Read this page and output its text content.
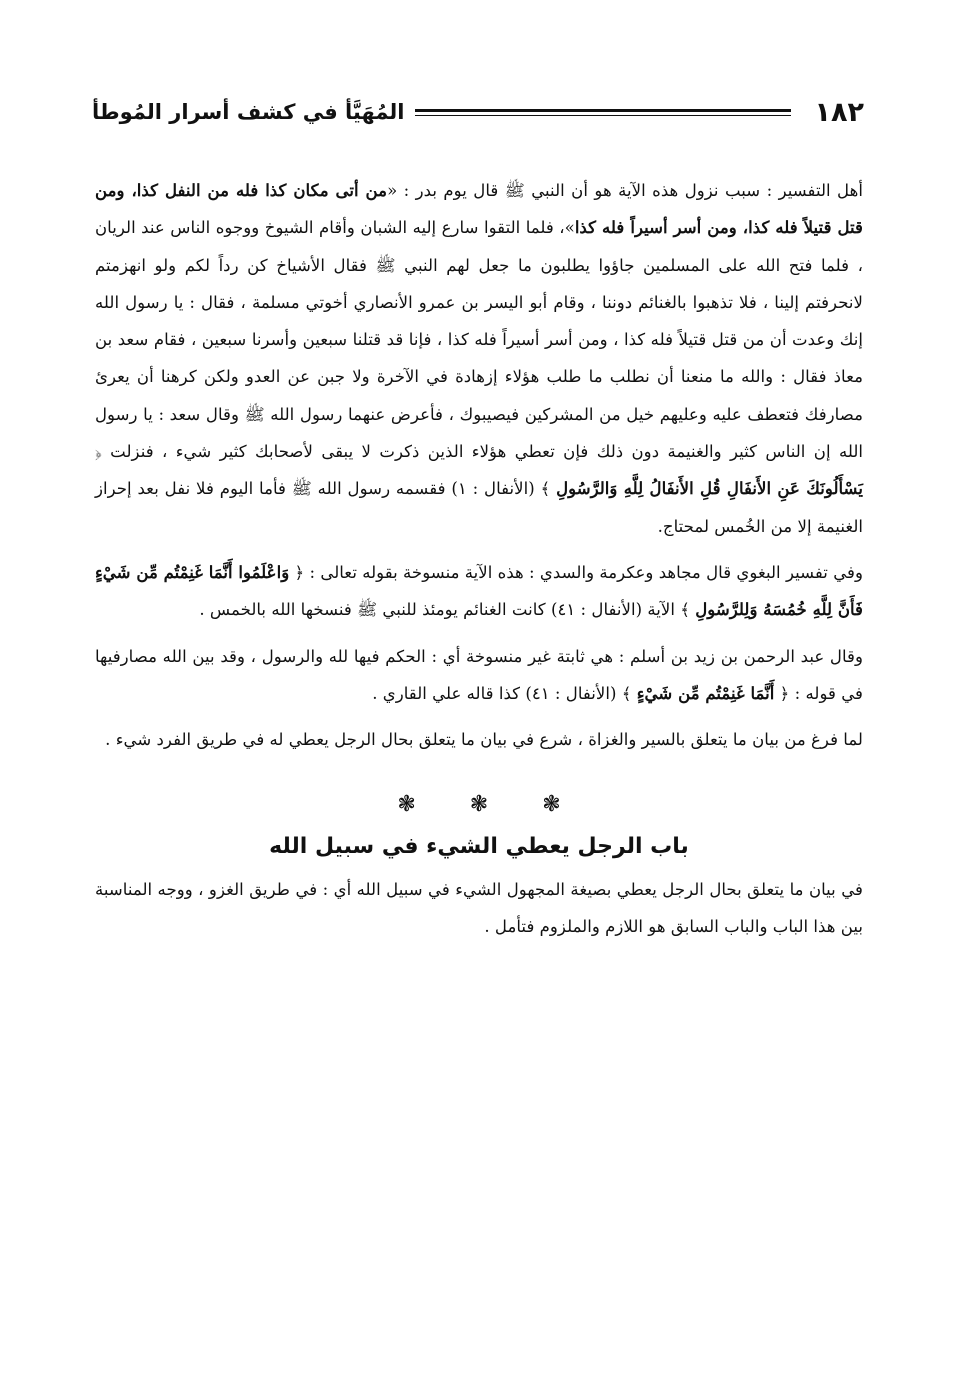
١٨٢
المُهَيَّأ في كشف أسرار المُوطأ

أهل التفسير : سبب نزول هذه الآية هو أن النبي ﷺ قال يوم بدر : «من أتى مكان كذا فله من النفل كذا، ومن قتل قتيلاً فله كذا، ومن أسر أسيراً فله كذا»، فلما التقوا سارع إليه الشبان وأقام الشيوخ ووجوه الناس عند الريان ، فلما فتح الله على المسلمين جاؤوا يطلبون ما جعل لهم النبي ﷺ فقال الأشياخ كن رداً لكم ولو انهزمتم لانحرفتم إلينا ، فلا تذهبوا بالغنائم دوننا ، وقام أبو اليسر بن عمرو الأنصاري أخوتي مسلمة ، فقال : يا رسول الله إنك وعدت أن من قتل قتيلاً فله كذا ، ومن أسر أسيراً فله كذا ، فإنا قد قتلنا سبعين وأسرنا سبعين ، فقام سعد بن معاذ فقال : والله ما منعنا أن نطلب ما طلب هؤلاء إزهادة في الآخرة ولا جبن عن العدو ولكن كرهنا أن يعرئ مصارفك فتعطف عليه وعليهم خيل من المشركين فيصيبوك ، فأعرض عنهما رسول الله ﷺ وقال سعد : يا رسول الله إن الناس كثير والغنيمة دون ذلك فإن تعطي هؤلاء الذين ذكرت لا يبقى لأصحابك كثير شيء ، فنزلت ﴿ يَسْأَلُونَكَ عَنِ الأَنفَالِ قُلِ الأَنفَالُ لِلَّهِ وَالرَّسُولِ ﴾ (الأنفال : ١) فقسمه رسول الله ﷺ فأما اليوم فلا نفل بعد إحراز الغنيمة إلا من الخُمس لمحتاج.

وفي تفسير البغوي قال مجاهد وعكرمة والسدي : هذه الآية منسوخة بقوله تعالى : ﴿ وَاعْلَمُوا أَنَّمَا غَنِمْتُم مِّن شَيْءٍ فَأَنَّ لِلَّهِ خُمُسَهُ وَلِلرَّسُولِ ﴾ الآية (الأنفال : ٤١) كانت الغنائم يومئذ للنبي ﷺ فنسخها الله بالخمس .

وقال عبد الرحمن بن زيد بن أسلم : هي ثابتة غير منسوخة أي : الحكم فيها لله والرسول ، وقد بين الله مصارفيها في قوله : ﴿ أَنَّمَا غَنِمْتُم مِّن شَيْءٍ ﴾ (الأنفال : ٤١) كذا قاله علي القاري .

لما فرغ من بيان ما يتعلق بالسير والغزاة ، شرع في بيان ما يتعلق بحال الرجل يعطي له في طريق الفرد شيء .

❃❃❃
باب الرجل يعطي الشيء في سبيل الله

في بيان ما يتعلق بحال الرجل يعطي بصيغة المجهول الشيء في سبيل الله أي : في طريق الغزو ، ووجه المناسبة بين هذا الباب والباب السابق هو اللازم والملزوم فتأمل .
